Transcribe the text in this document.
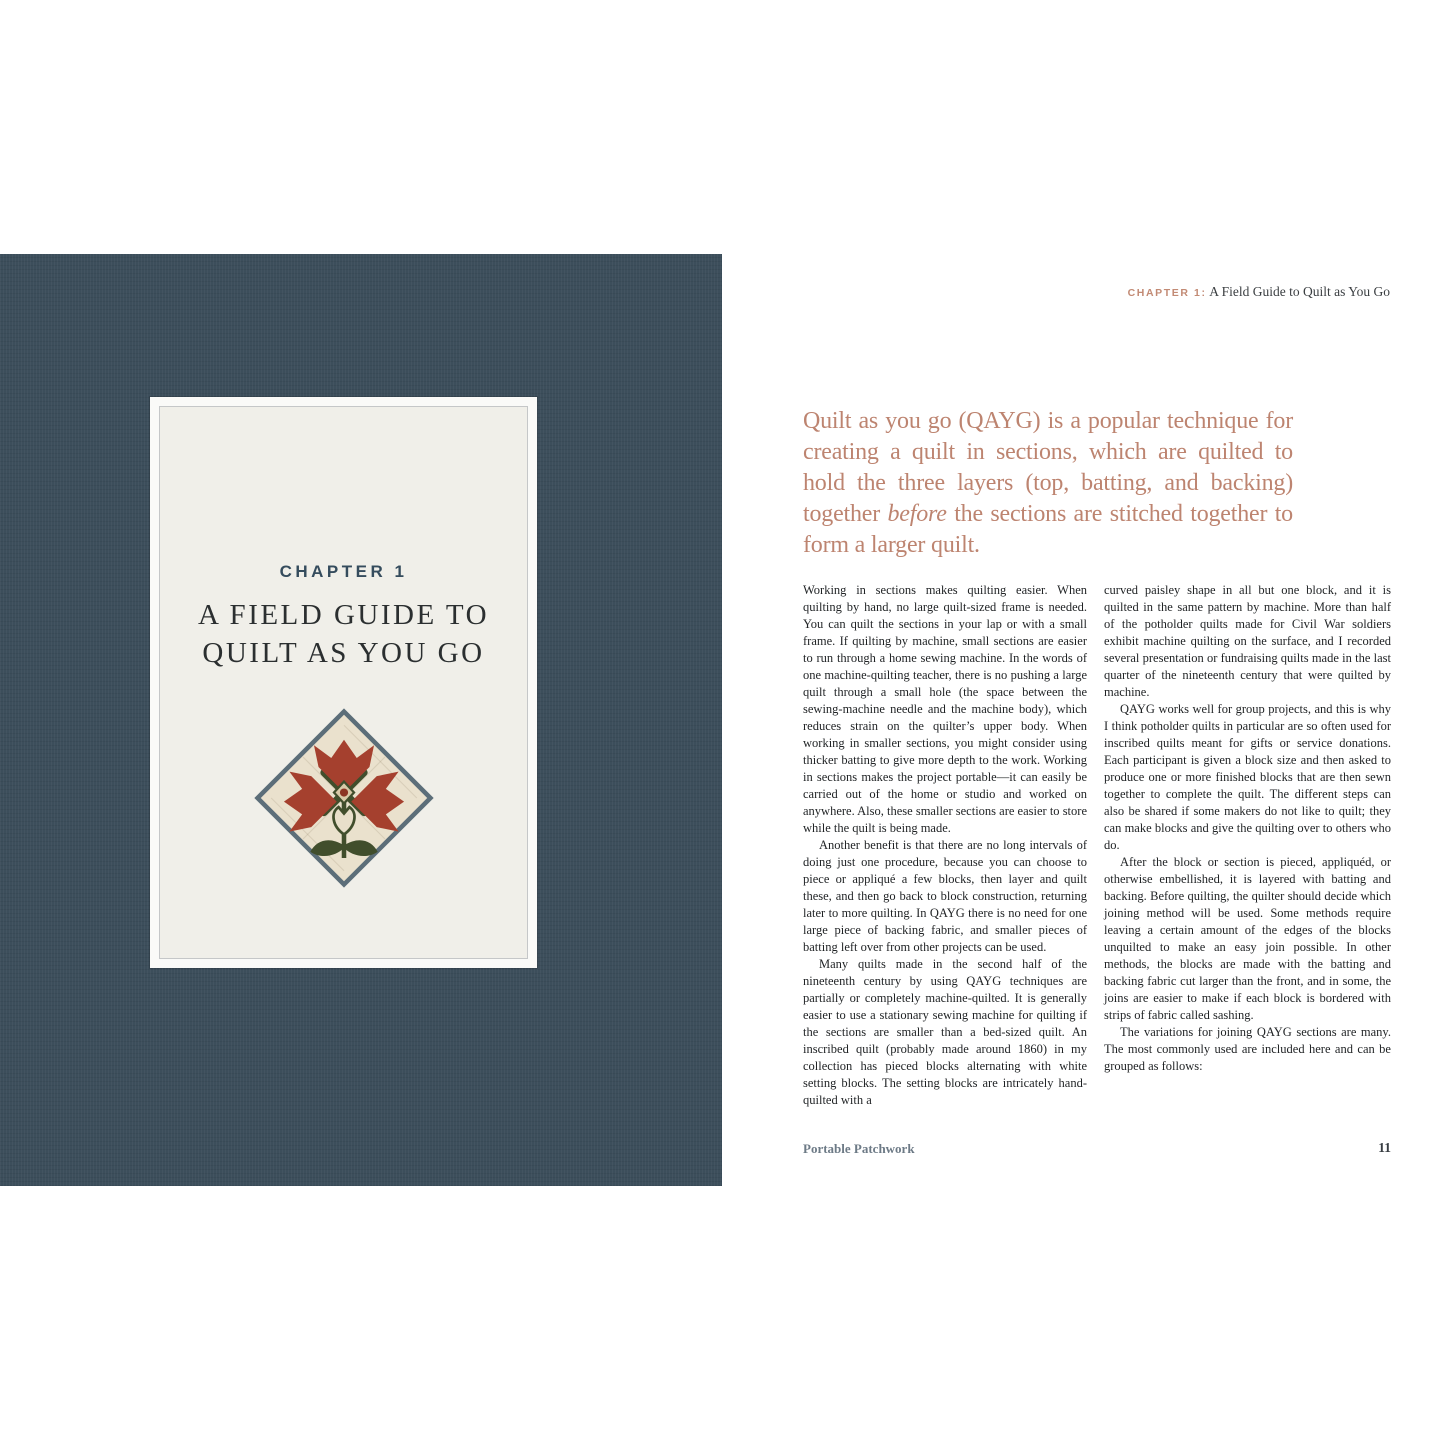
CHAPTER 1
A FIELD GUIDE TO
QUILT AS YOU GO
CHAPTER 1: A Field Guide to Quilt as You Go
Quilt as you go (QAYG) is a popular technique for creating a quilt in sections, which are quilted to hold the three layers (top, batting, and backing) together before the sections are stitched together to form a larger quilt.

Working in sections makes quilting easier. When quilting by hand, no large quilt-sized frame is needed. You can quilt the sections in your lap or with a small frame. If quilting by machine, small sections are easier to run through a home sewing machine. In the words of one machine-quilting teacher, there is no pushing a large quilt through a small hole (the space between the sewing-machine needle and the machine body), which reduces strain on the quilter’s upper body. When working in smaller sections, you might consider using thicker batting to give more depth to the work. Working in sections makes the project portable—it can easily be carried out of the home or studio and worked on anywhere. Also, these smaller sections are easier to store while the quilt is being made.

Another benefit is that there are no long intervals of doing just one procedure, because you can choose to piece or appliqué a few blocks, then layer and quilt these, and then go back to block construction, returning later to more quilting. In QAYG there is no need for one large piece of backing fabric, and smaller pieces of batting left over from other projects can be used.

Many quilts made in the second half of the nineteenth century by using QAYG techniques are partially or completely machine-quilted. It is generally easier to use a stationary sewing machine for quilting if the sections are smaller than a bed-sized quilt. An inscribed quilt (probably made around 1860) in my collection has pieced blocks alternating with white setting blocks. The setting blocks are intricately hand-quilted with a

curved paisley shape in all but one block, and it is quilted in the same pattern by machine. More than half of the potholder quilts made for Civil War soldiers exhibit machine quilting on the surface, and I recorded several presentation or fundraising quilts made in the last quarter of the nineteenth century that were quilted by machine.

QAYG works well for group projects, and this is why I think potholder quilts in particular are so often used for inscribed quilts meant for gifts or service donations. Each participant is given a block size and then asked to produce one or more finished blocks that are then sewn together to complete the quilt. The different steps can also be shared if some makers do not like to quilt; they can make blocks and give the quilting over to others who do.

After the block or section is pieced, appliquéd, or otherwise embellished, it is layered with batting and backing. Before quilting, the quilter should decide which joining method will be used. Some methods require leaving a certain amount of the edges of the blocks unquilted to make an easy join possible. In other methods, the blocks are made with the batting and backing fabric cut larger than the front, and in some, the joins are easier to make if each block is bordered with strips of fabric called sashing.

The variations for joining QAYG sections are many. The most commonly used are included here and can be grouped as follows:

Portable Patchwork	11
